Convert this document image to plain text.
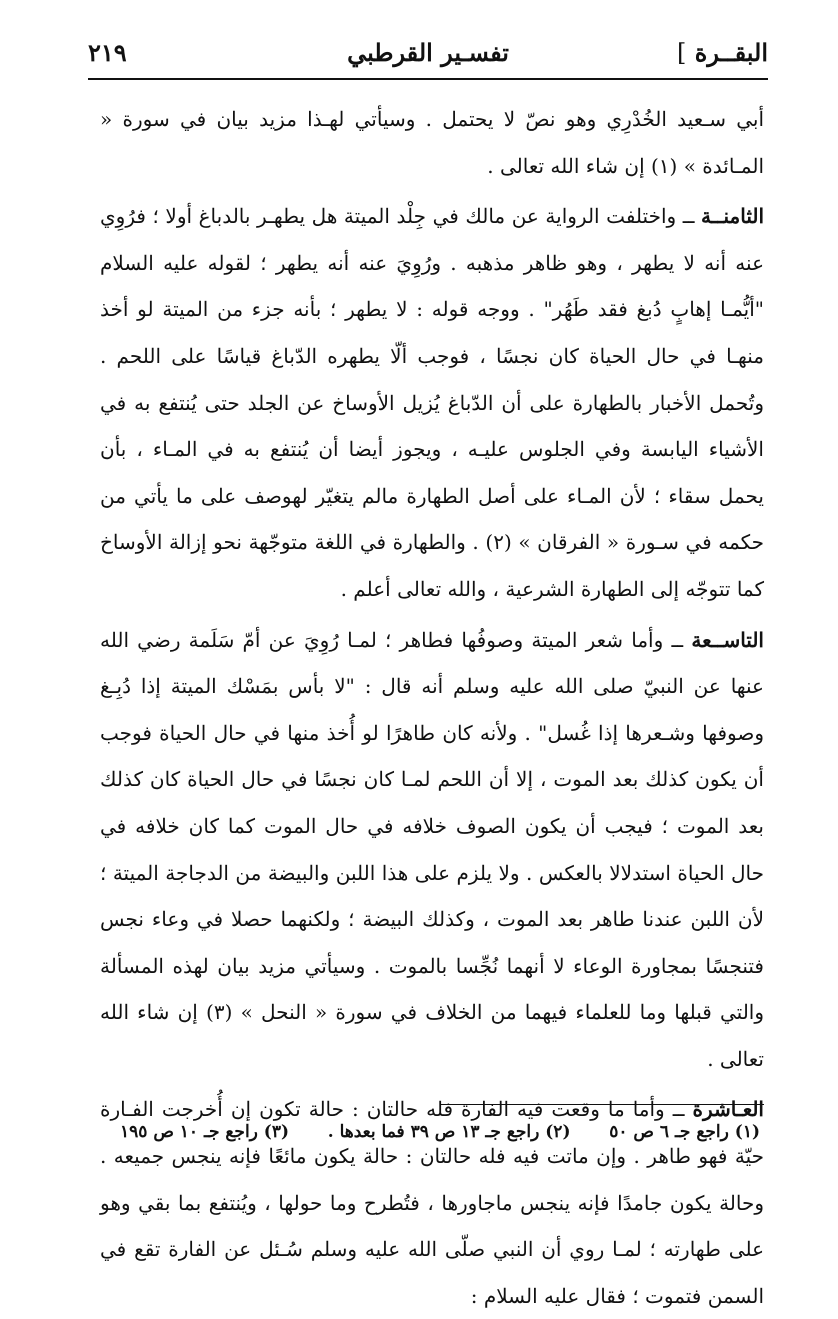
البقــرة ]
تفسـير القرطبي
٢١٩

أبي سـعيد الخُدْرِي وهو نصّ لا يحتمل . وسيأتي لهـذا مزيد بيان في سورة « المـائدة » (١) إن شاء الله تعالى .

الثامنــة ــ واختلفت الرواية عن مالك في جِلْد الميتة هل يطهـر بالدباغ أولا ؛ فرُوِي عنه أنه لا يطهر ، وهو ظاهر مذهبه . ورُوِيَ عنه أنه يطهر ؛ لقوله عليه السلام "أيُّمـا إهابٍ دُبغ فقد طَهُر" . ووجه قوله : لا يطهر ؛ بأنه جزء من الميتة لو أخذ منهـا في حال الحياة كان نجسًا ، فوجب ألّا يطهره الدّباغ قياسًا على اللحم . وتُحمل الأخبار بالطهارة على أن الدّباغ يُزيل الأوساخ عن الجلد حتى يُنتفع به في الأشياء اليابسة وفي الجلوس عليـه ، ويجوز أيضا أن يُنتفع به في المـاء ، بأن يحمل سقاء ؛ لأن المـاء على أصل الطهارة مالم يتغيّر لهوصف على ما يأتي من حكمه في سـورة « الفرقان » (٢) . والطهارة في اللغة متوجّهة نحو إزالة الأوساخ كما تتوجّه إلى الطهارة الشرعية ، والله تعالى أعلم .

التاســعة ــ وأما شعر الميتة وصوفُها فطاهر ؛ لمـا رُوِيَ عن أمّ سَلَمة رضي الله عنها عن النبيّ صلى الله عليه وسلم أنه قال : "لا بأس بمَسْك الميتة إذا دُبِـغ وصوفها وشـعرها إذا غُسل" . ولأنه كان طاهرًا لو أُخذ منها في حال الحياة فوجب أن يكون كذلك بعد الموت ، إلا أن اللحم لمـا كان نجسًا في حال الحياة كان كذلك بعد الموت ؛ فيجب أن يكون الصوف خلافه في حال الموت كما كان خلافه في حال الحياة استدلالا بالعكس . ولا يلزم على هذا اللبن والبيضة من الدجاجة الميتة ؛ لأن اللبن عندنا طاهر بعد الموت ، وكذلك البيضة ؛ ولكنهما حصلا في وعاء نجس فتنجسًا بمجاورة الوعاء لا أنهما نُجِّسا بالموت . وسيأتي مزيد بيان لهذه المسألة والتي قبلها وما للعلماء فيهما من الخلاف في سورة « النحل » (٣) إن شاء الله تعالى .

العـاشرة ــ وأما ما وقعت فيه الفارة فله حالتان : حالة تكون إن أُخرجت الفـارة حيّة فهو طاهر . وإن ماتت فيه فله حالتان : حالة يكون مائعًا فإنه ينجس جميعه . وحالة يكون جامدًا فإنه ينجس ماجاورها ، فتُطرح وما حولها ، ويُنتفع بما بقي وهو على طهارته ؛ لمـا روي أن النبي صلّى الله عليه وسلم سُـئل عن الفارة تقع في السمن فتموت ؛ فقال عليه السلام :

(١) راجع جـ ٦ ص ٥٠
(٢) راجع جـ ١٣ ص ٣٩ فما بعدها .
(٣) راجع جـ ١٠ ص ١٩٥
